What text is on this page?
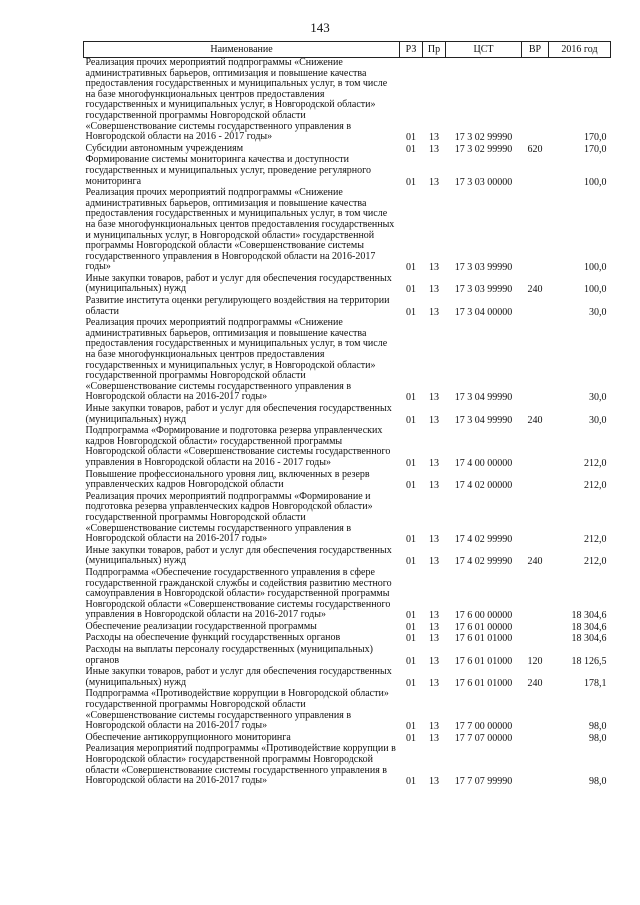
143
Наименование	РЗ	Пр	ЦСТ	ВР	2016 год
Реализация прочих мероприятий подпрограммы «Снижение административных барьеров, оптимизация и повышение качества предоставления государственных и муниципальных услуг, в том числе на базе многофункциональных центров предоставления государственных и муниципальных услуг, в Новгородской области» государственной программы Новгородской области «Совершенствование системы государственного управления в Новгородской области на 2016 - 2017 годы»	01	13	17 3 02 99990		170,0
Субсидии автономным учреждениям	01	13	17 3 02 99990	620	170,0
Формирование системы мониторинга качества и доступности государственных и муниципальных услуг, проведение регулярного мониторинга	01	13	17 3 03 00000		100,0
Реализация прочих мероприятий подпрограммы «Снижение административных барьеров, оптимизация и повышение качества предоставления государственных и муниципальных услуг, в том числе на базе многофункциональных центов предоставления государственных и муниципальных услуг, в Новгородской области» государственной программы Новгородской области «Совершенствование системы государственного управления в Новгородской области на 2016-2017 годы»	01	13	17 3 03 99990		100,0
Иные закупки товаров, работ и услуг для обеспечения государственных (муниципальных) нужд	01	13	17 3 03 99990	240	100,0
Развитие института оценки регулирующего воздействия на территории области	01	13	17 3 04 00000		30,0
Реализация прочих мероприятий подпрограммы «Снижение административных барьеров, оптимизация и повышение качества предоставления государственных и муниципальных услуг, в том числе на базе многофункциональных центров предоставления государственных и муниципальных услуг, в Новгородской области» государственной программы Новгородской области «Совершенствование системы государственного управления в Новгородской области на 2016-2017 годы»	01	13	17 3 04 99990		30,0
Иные закупки товаров, работ и услуг для обеспечения государственных (муниципальных) нужд	01	13	17 3 04 99990	240	30,0
Подпрограмма «Формирование и подготовка резерва управленческих кадров Новгородской области» государственной программы Новгородской области «Совершенствование системы государственного управления в Новгородской области на 2016 - 2017 годы»	01	13	17 4 00 00000		212,0
Повышение профессионального уровня лиц, включенных в резерв управленческих кадров Новгородской области	01	13	17 4 02 00000		212,0
Реализация прочих мероприятий подпрограммы «Формирование и подготовка резерва управленческих кадров Новгородской области» государственной программы Новгородской области «Совершенствование системы государственного управления в Новгородской области на 2016-2017 годы»	01	13	17 4 02 99990		212,0
Иные закупки товаров, работ и услуг для обеспечения государственных (муниципальных) нужд	01	13	17 4 02 99990	240	212,0
Подпрограмма «Обеспечение государственного управления в сфере государственной гражданской службы и содействия развитию местного самоуправления в Новгородской области» государственной программы Новгородской области «Совершенствование системы государственного управления в Новгородской области на 2016-2017 годы»	01	13	17 6 00 00000		18 304,6
Обеспечение реализации государственной программы	01	13	17 6 01 00000		18 304,6
Расходы на обеспечение функций государственных органов	01	13	17 6 01 01000		18 304,6
Расходы на выплаты персоналу государственных (муниципальных) органов	01	13	17 6 01 01000	120	18 126,5
Иные закупки товаров, работ и услуг для обеспечения государственных (муниципальных) нужд	01	13	17 6 01 01000	240	178,1
Подпрограмма «Противодействие коррупции в Новгородской области» государственной программы Новгородской области «Совершенствование системы государственного управления в Новгородской области на 2016-2017 годы»	01	13	17 7 00 00000		98,0
Обеспечение антикоррупционного мониторинга	01	13	17 7 07 00000		98,0
Реализация мероприятий подпрограммы «Противодействие коррупции в Новгородской области» государственной программы Новгородской области «Совершенствование системы государственного управления в Новгородской области на 2016-2017 годы»	01	13	17 7 07 99990		98,0
